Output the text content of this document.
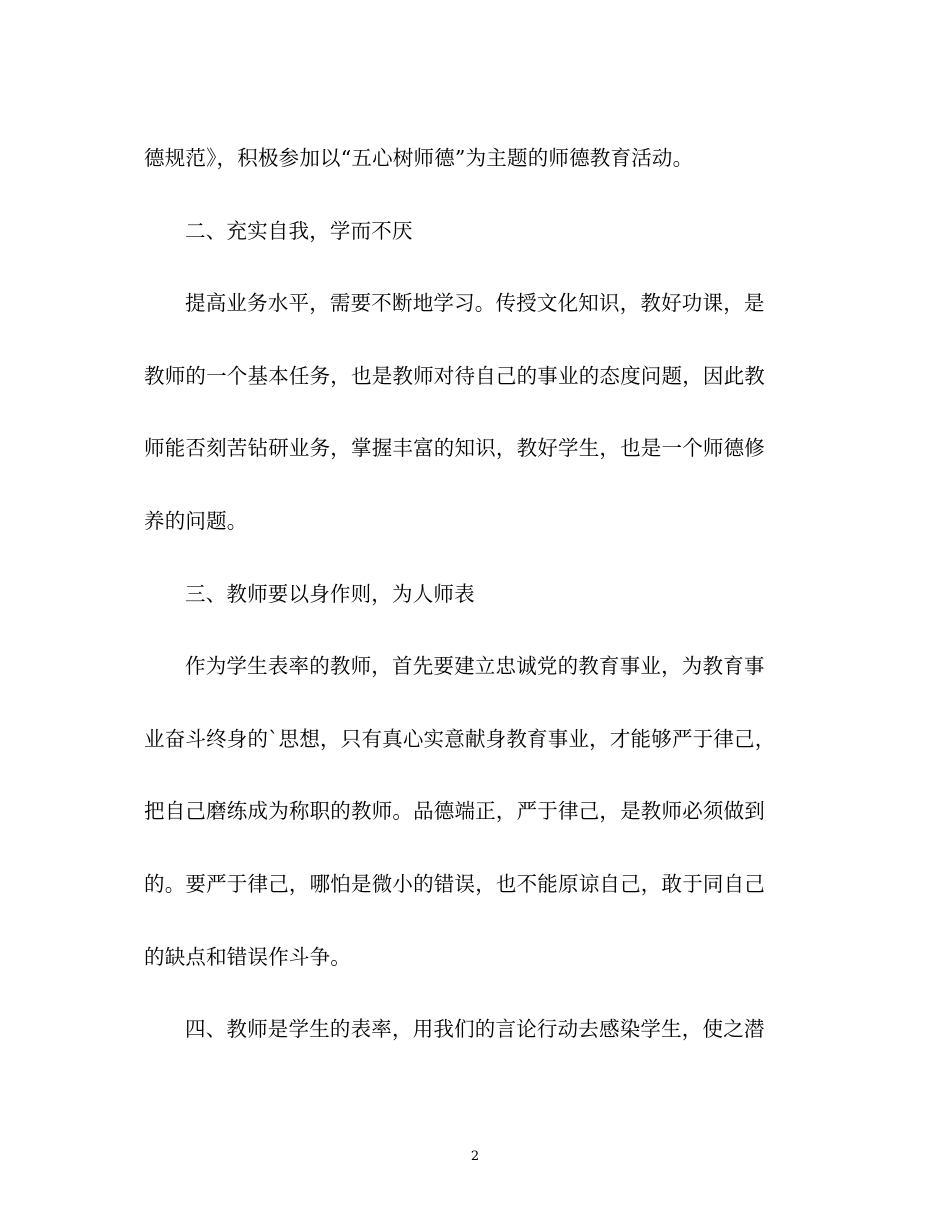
德规范》，积极参加以“五心树师德”为主题的师德教育活动。
二、充实自我，学而不厌
提高业务水平，需要不断地学习。传授文化知识，教好功课，是
教师的一个基本任务，也是教师对待自己的事业的态度问题，因此教
师能否刻苦钻研业务，掌握丰富的知识，教好学生，也是一个师德修
养的问题。
三、教师要以身作则，为人师表
作为学生表率的教师，首先要建立忠诚党的教育事业，为教育事
业奋斗终身的`思想，只有真心实意献身教育事业，才能够严于律己，
把自己磨练成为称职的教师。品德端正，严于律己，是教师必须做到
的。要严于律己，哪怕是微小的错误，也不能原谅自己，敢于同自己
的缺点和错误作斗争。
四、教师是学生的表率，用我们的言论行动去感染学生，使之潜
2
